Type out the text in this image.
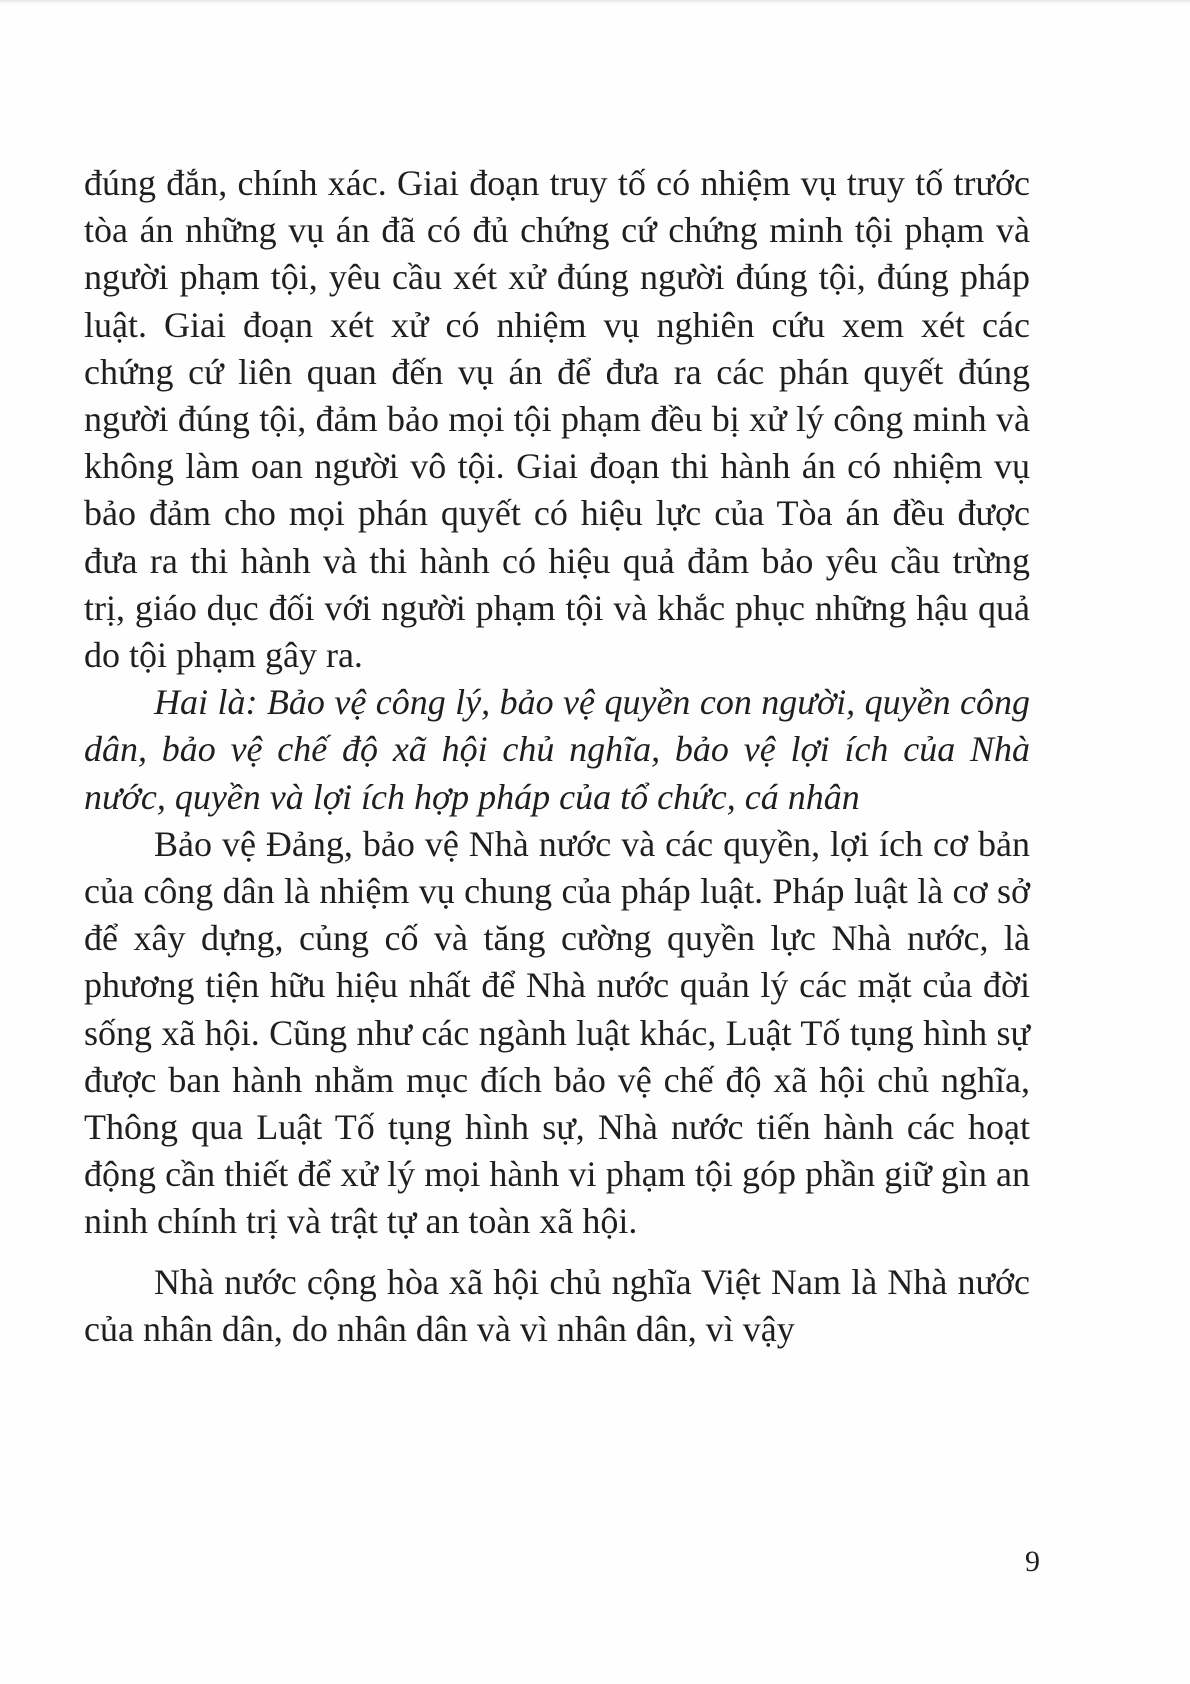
đúng đắn, chính xác. Giai đoạn truy tố có nhiệm vụ truy tố trước tòa án những vụ án đã có đủ chứng cứ chứng minh tội phạm và người phạm tội, yêu cầu xét xử đúng người đúng tội, đúng pháp luật. Giai đoạn xét xử có nhiệm vụ nghiên cứu xem xét các chứng cứ liên quan đến vụ án để đưa ra các phán quyết đúng người đúng tội, đảm bảo mọi tội phạm đều bị xử lý công minh và không làm oan người vô tội. Giai đoạn thi hành án có nhiệm vụ bảo đảm cho mọi phán quyết có hiệu lực của Tòa án đều được đưa ra thi hành và thi hành có hiệu quả đảm bảo yêu cầu trừng trị, giáo dục đối với người phạm tội và khắc phục những hậu quả do tội phạm gây ra.

Hai là: Bảo vệ công lý, bảo vệ quyền con người, quyền công dân, bảo vệ chế độ xã hội chủ nghĩa, bảo vệ lợi ích của Nhà nước, quyền và lợi ích hợp pháp của tổ chức, cá nhân

Bảo vệ Đảng, bảo vệ Nhà nước và các quyền, lợi ích cơ bản của công dân là nhiệm vụ chung của pháp luật. Pháp luật là cơ sở để xây dựng, củng cố và tăng cường quyền lực Nhà nước, là phương tiện hữu hiệu nhất để Nhà nước quản lý các mặt của đời sống xã hội. Cũng như các ngành luật khác, Luật Tố tụng hình sự được ban hành nhằm mục đích bảo vệ chế độ xã hội chủ nghĩa, Thông qua Luật Tố tụng hình sự, Nhà nước tiến hành các hoạt động cần thiết để xử lý mọi hành vi phạm tội góp phần giữ gìn an ninh chính trị và trật tự an toàn xã hội.

Nhà nước cộng hòa xã hội chủ nghĩa Việt Nam là Nhà nước của nhân dân, do nhân dân và vì nhân dân, vì vậy

9
